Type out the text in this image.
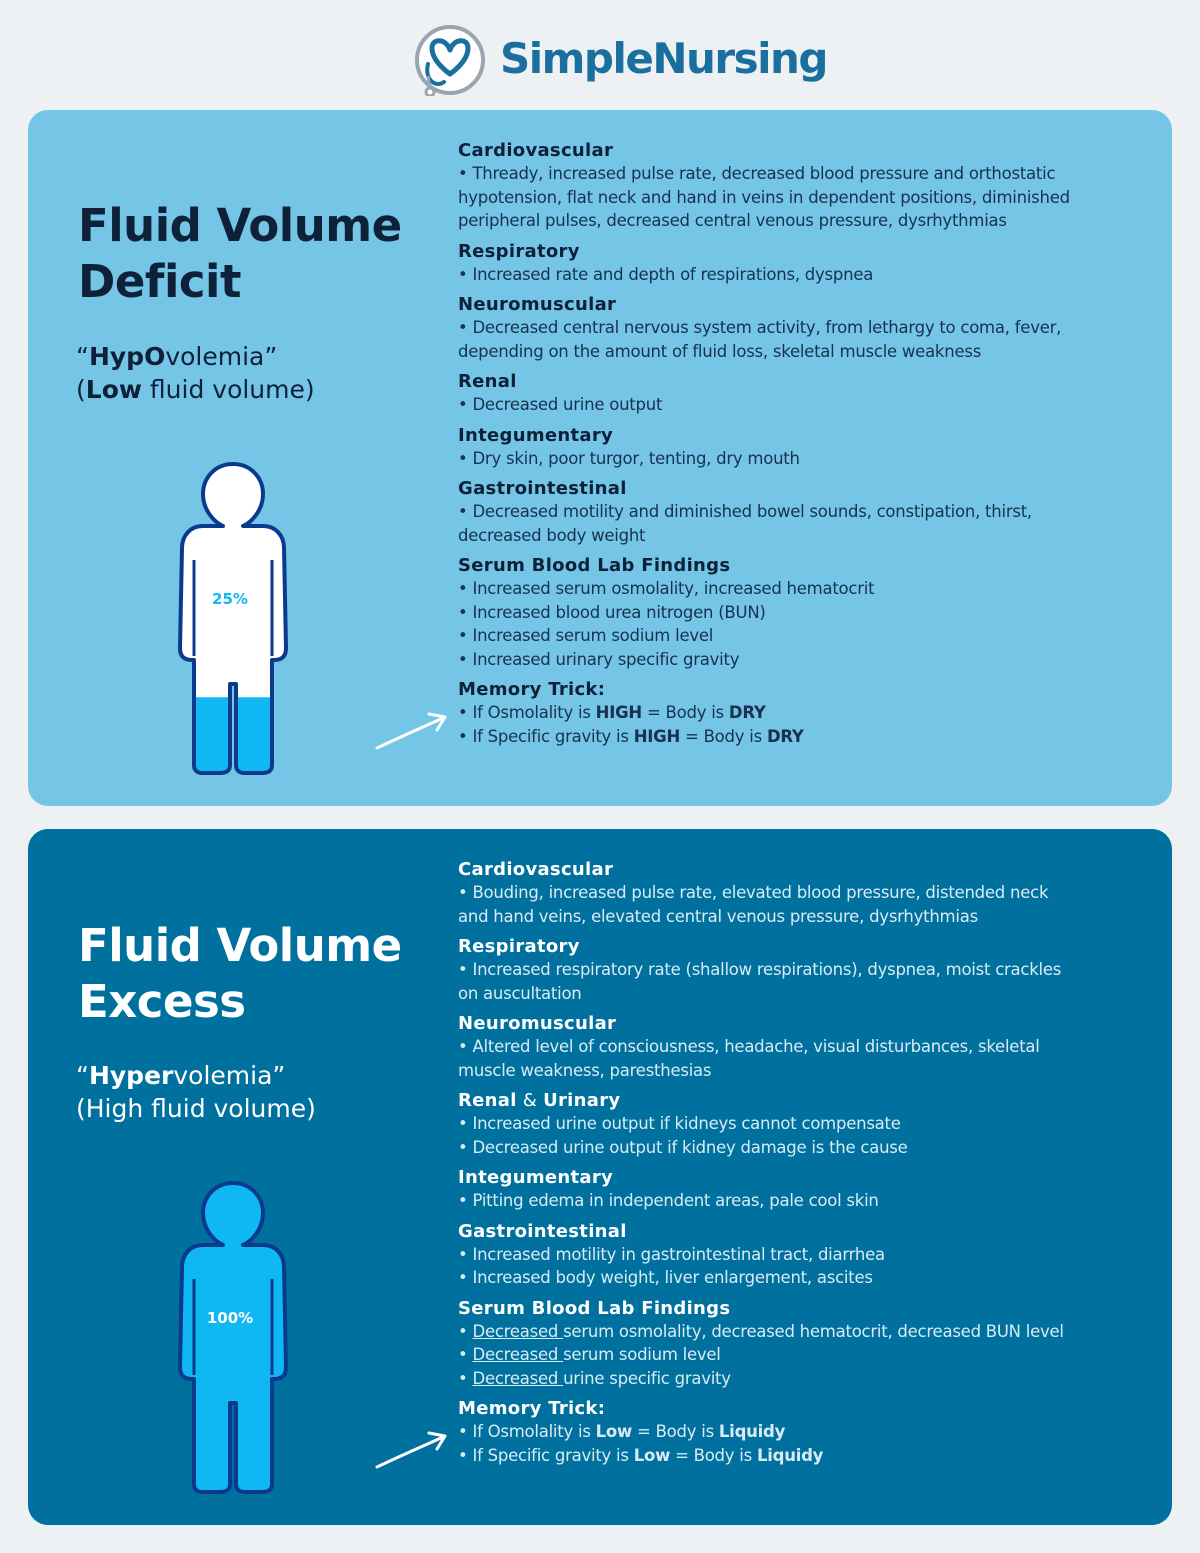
SimpleNursing
Fluid Volume
Deficit
“HypOvolemia”
(Low fluid volume)
25%
Cardiovascular
• Thready, increased pulse rate, decreased blood pressure and orthostatic
hypotension, flat neck and hand in veins in dependent positions, diminished
peripheral pulses, decreased central venous pressure, dysrhythmias
Respiratory
• Increased rate and depth of respirations, dyspnea
Neuromuscular
• Decreased central nervous system activity, from lethargy to coma, fever,
depending on the amount of fluid loss, skeletal muscle weakness
Renal
• Decreased urine output
Integumentary
• Dry skin, poor turgor, tenting, dry mouth
Gastrointestinal
• Decreased motility and diminished bowel sounds, constipation, thirst,
decreased body weight
Serum Blood Lab Findings
• Increased serum osmolality, increased hematocrit
• Increased blood urea nitrogen (BUN)
• Increased serum sodium level
• Increased urinary specific gravity
Memory Trick:
• If Osmolality is HIGH = Body is DRY
• If Specific gravity is HIGH = Body is DRY
Fluid Volume
Excess
“Hypervolemia”
(High fluid volume)
100%
Cardiovascular
• Bouding, increased pulse rate, elevated blood pressure, distended neck
and hand veins, elevated central venous pressure, dysrhythmias
Respiratory
• Increased respiratory rate (shallow respirations), dyspnea, moist crackles
on auscultation
Neuromuscular
• Altered level of consciousness, headache, visual disturbances, skeletal
muscle weakness, paresthesias
Renal & Urinary
• Increased urine output if kidneys cannot compensate
• Decreased urine output if kidney damage is the cause
Integumentary
• Pitting edema in independent areas, pale cool skin
Gastrointestinal
• Increased motility in gastrointestinal tract, diarrhea
• Increased body weight, liver enlargement, ascites
Serum Blood Lab Findings
• Decreased serum osmolality, decreased hematocrit, decreased BUN level
• Decreased serum sodium level
• Decreased urine specific gravity
Memory Trick:
• If Osmolality is Low = Body is Liquidy
• If Specific gravity is Low = Body is Liquidy
